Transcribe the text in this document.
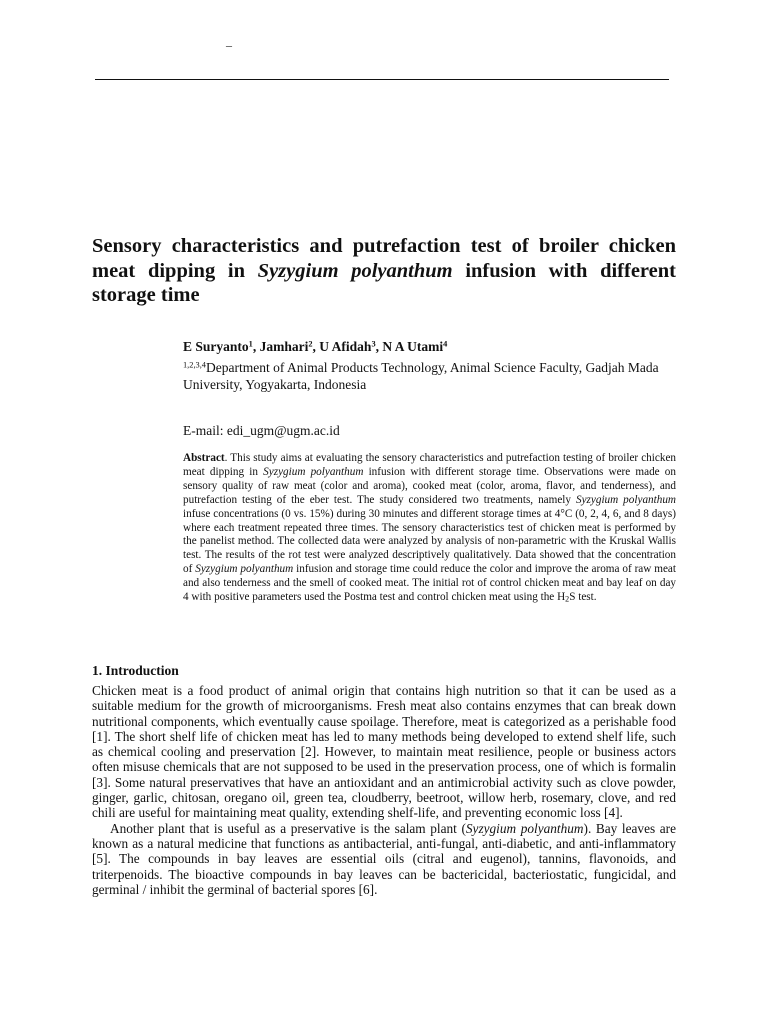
–
Sensory characteristics and putrefaction test of broiler chicken meat dipping in Syzygium polyanthum infusion with different storage time
E Suryanto$^1$, Jamhari$^2$, U Afidah$^3$, N A Utami$^4$
$^{1,2,3,4}$Department of Animal Products Technology, Animal Science Faculty, Gadjah Mada University, Yogyakarta, Indonesia
E-mail: edi_ugm@ugm.ac.id

Abstract. This study aims at evaluating the sensory characteristics and putrefaction testing of broiler chicken meat dipping in Syzygium polyanthum infusion with different storage time. Observations were made on sensory quality of raw meat (color and aroma), cooked meat (color, aroma, flavor, and tenderness), and putrefaction testing of the eber test. The study considered two treatments, namely Syzygium polyanthum infuse concentrations (0 vs. 15%) during 30 minutes and different storage times at 4°C (0, 2, 4, 6, and 8 days) where each treatment repeated three times. The sensory characteristics test of chicken meat is performed by the panelist method. The collected data were analyzed by analysis of non-parametric with the Kruskal Wallis test. The results of the rot test were analyzed descriptively qualitatively. Data showed that the concentration of Syzygium polyanthum infusion and storage time could reduce the color and improve the aroma of raw meat and also tenderness and the smell of cooked meat. The initial rot of control chicken meat and bay leaf on day 4 with positive parameters used the Postma test and control chicken meat using the $H_2S$ test.

1. Introduction

Chicken meat is a food product of animal origin that contains high nutrition so that it can be used as a suitable medium for the growth of microorganisms. Fresh meat also contains enzymes that can break down nutritional components, which eventually cause spoilage. Therefore, meat is categorized as a perishable food [1]. The short shelf life of chicken meat has led to many methods being developed to extend shelf life, such as chemical cooling and preservation [2]. However, to maintain meat resilience, people or business actors often misuse chemicals that are not supposed to be used in the preservation process, one of which is formalin [3]. Some natural preservatives that have an antioxidant and an antimicrobial activity such as clove powder, ginger, garlic, chitosan, oregano oil, green tea, cloudberry, beetroot, willow herb, rosemary, clove, and red chili are useful for maintaining meat quality, extending shelf-life, and preventing economic loss [4].

Another plant that is useful as a preservative is the salam plant (Syzygium polyanthum). Bay leaves are known as a natural medicine that functions as antibacterial, anti-fungal, anti-diabetic, and anti-inflammatory [5]. The compounds in bay leaves are essential oils (citral and eugenol), tannins, flavonoids, and triterpenoids. The bioactive compounds in bay leaves can be bactericidal, bacteriostatic, fungicidal, and germinal / inhibit the germinal of bacterial spores [6].
